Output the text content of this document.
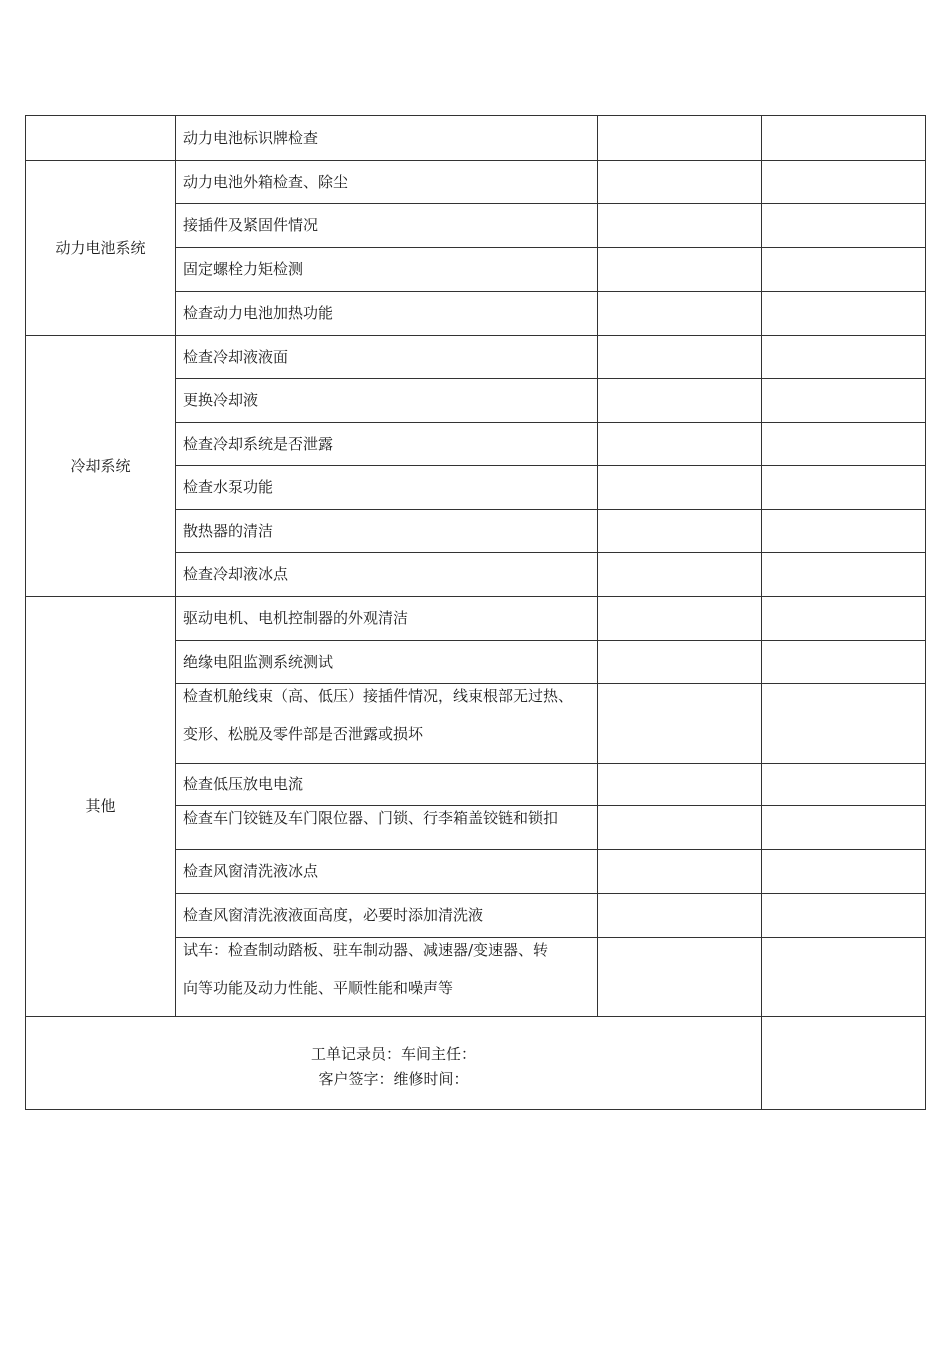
	动力电池标识牌检查		
动力电池系统	动力电池外箱检查、除尘		
	接插件及紧固件情况		
	固定螺栓力矩检测		
	检查动力电池加热功能		
冷却系统	检查冷却液液面		
	更换冷却液		
	检查冷却系统是否泄露		
	检查水泵功能		
	散热器的清洁		
	检查冷却液冰点		
其他	驱动电机、电机控制器的外观清洁		
	绝缘电阻监测系统测试		

	检查机舱线束（高、低压）接插件情况，线束根部无过热、
变形、松脱及零件部是否泄露或损坏		

	检查低压放电电流		
	检查车门铰链及车门限位器、门锁、行李箱盖铰链和锁扣		
	检查风窗清洗液冰点		
	检查风窗清洗液液面高度，必要时添加清洗液		

	试车：检查制动踏板、驻车制动器、减速器/变速器、转
向等功能及动力性能、平顺性能和噪声等		

工单记录员：车间主任：
客户签字：维修时间：			
